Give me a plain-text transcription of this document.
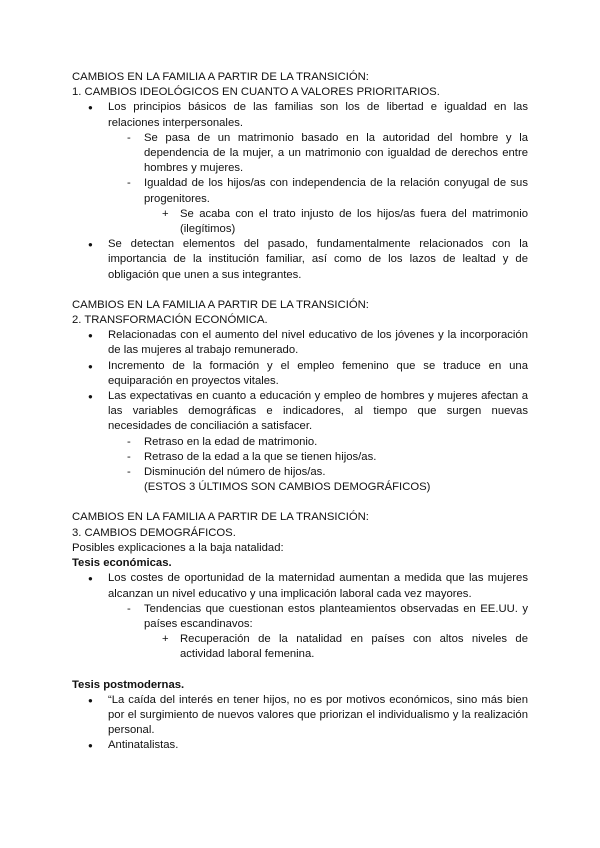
CAMBIOS EN LA FAMILIA A PARTIR DE LA TRANSICIÓN:

1. CAMBIOS IDEOLÓGICOS EN CUANTO A VALORES PRIORITARIOS.

● Los principios básicos de las familias son los de libertad e igualdad en las relaciones interpersonales.
- Se pasa de un matrimonio basado en la autoridad del hombre y la dependencia de la mujer, a un matrimonio con igualdad de derechos entre hombres y mujeres.
- Igualdad de los hijos/as con independencia de la relación conyugal de sus progenitores.
+ Se acaba con el trato injusto de los hijos/as fuera del matrimonio (ilegítimos)
● Se detectan elementos del pasado, fundamentalmente relacionados con la importancia de la institución familiar, así como de los lazos de lealtad y de obligación que unen a sus integrantes.

CAMBIOS EN LA FAMILIA A PARTIR DE LA TRANSICIÓN:

2. TRANSFORMACIÓN ECONÓMICA.

● Relacionadas con el aumento del nivel educativo de los jóvenes y la incorporación de las mujeres al trabajo remunerado.
● Incremento de la formación y el empleo femenino que se traduce en una equiparación en proyectos vitales.
● Las expectativas en cuanto a educación y empleo de hombres y mujeres afectan a las variables demográficas e indicadores, al tiempo que surgen nuevas necesidades de conciliación a satisfacer.
- Retraso en la edad de matrimonio.
- Retraso de la edad a la que se tienen hijos/as.
- Disminución del número de hijos/as.
(ESTOS 3 ÚLTIMOS SON CAMBIOS DEMOGRÁFICOS)

CAMBIOS EN LA FAMILIA A PARTIR DE LA TRANSICIÓN:

3. CAMBIOS DEMOGRÁFICOS.

Posibles explicaciones a la baja natalidad:

Tesis económicas.

● Los costes de oportunidad de la maternidad aumentan a medida que las mujeres alcanzan un nivel educativo y una implicación laboral cada vez mayores.
- Tendencias que cuestionan estos planteamientos observadas en EE.UU. y países escandinavos:
+ Recuperación de la natalidad en países con altos niveles de actividad laboral femenina.

Tesis postmodernas.

● “La caída del interés en tener hijos, no es por motivos económicos, sino más bien por el surgimiento de nuevos valores que priorizan el individualismo y la realización personal.
● Antinatalistas.
